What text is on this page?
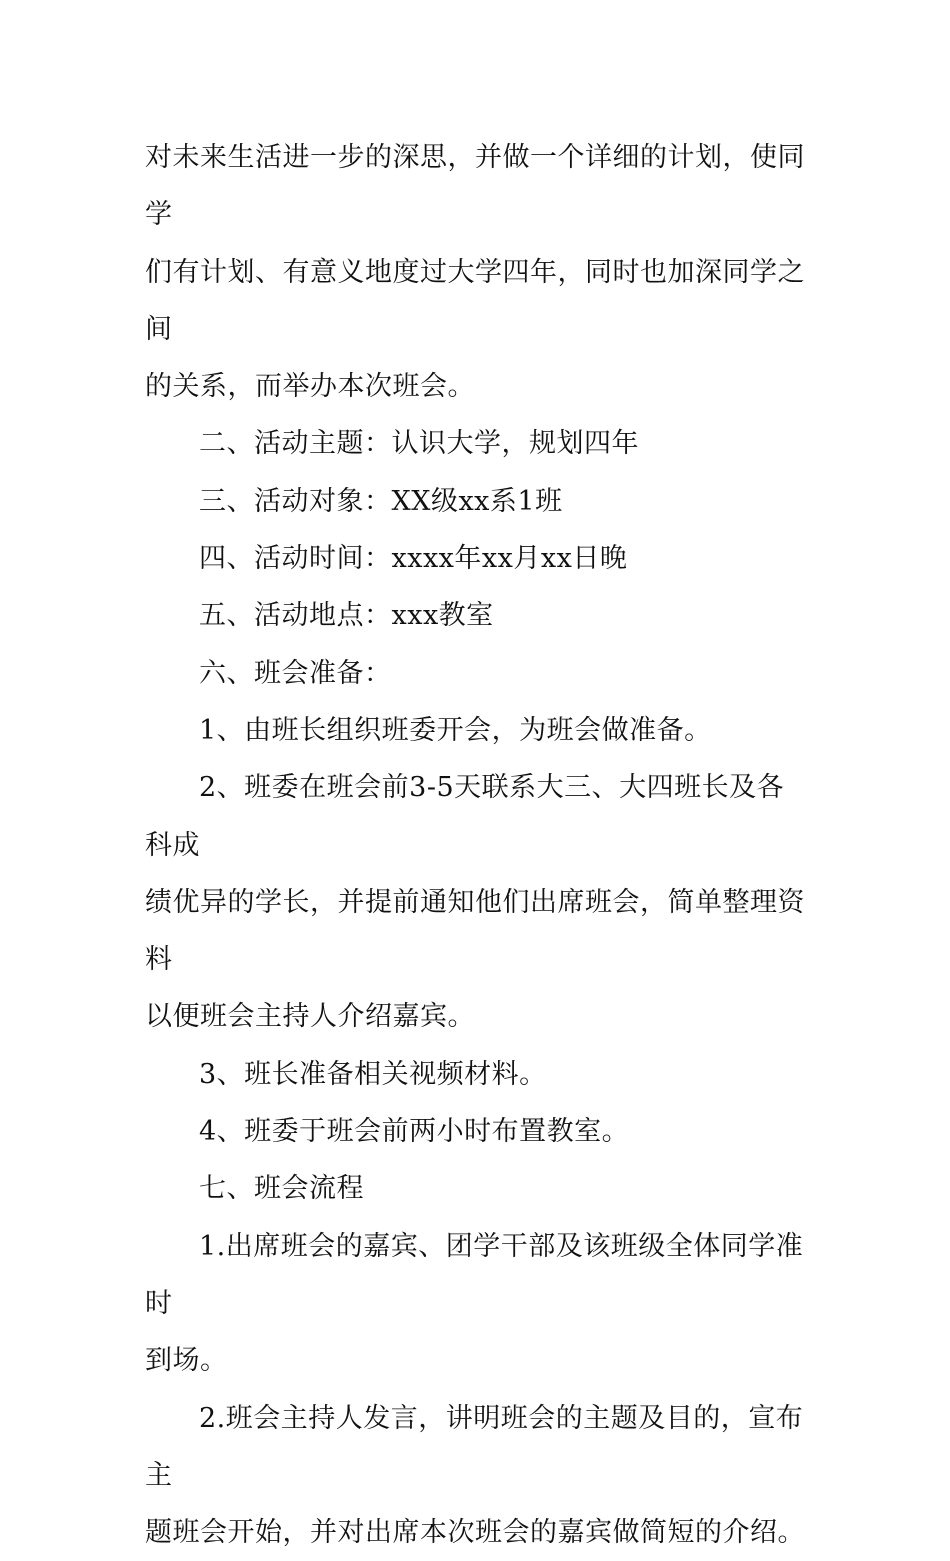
对未来生活进一步的深思，并做一个详细的计划，使同学
们有计划、有意义地度过大学四年，同时也加深同学之间
的关系，而举办本次班会。

二、活动主题：认识大学，规划四年

三、活动对象：XX级xx系1班

四、活动时间：xxxx年xx月xx日晚

五、活动地点：xxx教室

六、班会准备：

1、由班长组织班委开会，为班会做准备。

2、班委在班会前3-5天联系大三、大四班长及各科成
绩优异的学长，并提前通知他们出席班会，简单整理资料
以便班会主持人介绍嘉宾。

3、班长准备相关视频材料。

4、班委于班会前两小时布置教室。

七、班会流程

1.出席班会的嘉宾、团学干部及该班级全体同学准时
到场。

2.班会主持人发言，讲明班会的主题及目的，宣布主
题班会开始，并对出席本次班会的嘉宾做简短的介绍。
